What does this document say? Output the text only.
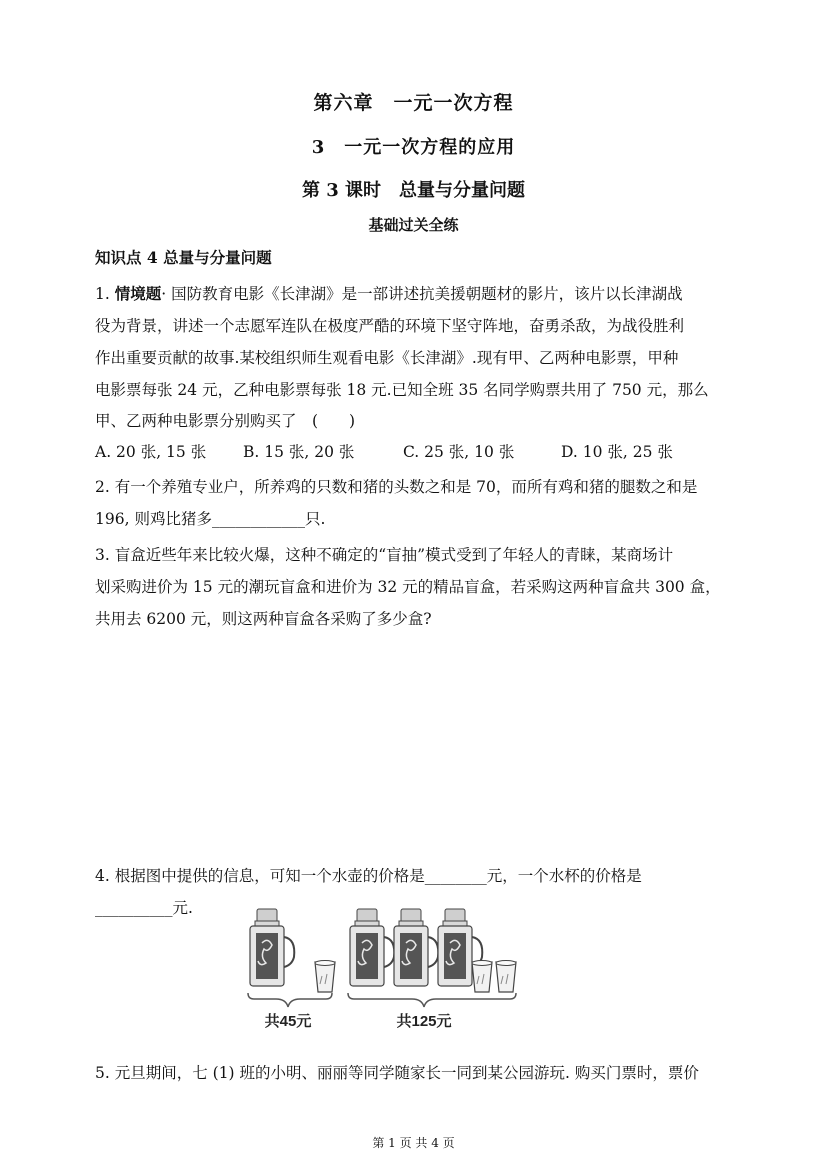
第六章　一元一次方程
3　一元一次方程的应用
第 3 课时　总量与分量问题
基础过关全练
知识点 4 总量与分量问题
1. 情境题· 国防教育电影《长津湖》是一部讲述抗美援朝题材的影片，该片以长津湖战
役为背景，讲述一个志愿军连队在极度严酷的环境下坚守阵地，奋勇杀敌，为战役胜利
作出重要贡献的故事.某校组织师生观看电影《长津湖》.现有甲、乙两种电影票，甲种
电影票每张 24 元，乙种电影票每张 18 元.已知全班 35 名同学购票共用了 750 元，那么
甲、乙两种电影票分别购买了　(　　)
A. 20 张, 15 张 B. 15 张, 20 张	C. 25 张, 10 张	D. 10 张, 25 张
2. 有一个养殖专业户，所养鸡的只数和猪的头数之和是 70，而所有鸡和猪的腿数之和是
196, 则鸡比猪多____________只.
3. 盲盒近些年来比较火爆，这种不确定的“盲抽”模式受到了年轻人的青睐，某商场计
划采购进价为 15 元的潮玩盲盒和进价为 32 元的精品盲盒，若采购这两种盲盒共 300 盒，
共用去 6200 元，则这两种盲盒各采购了多少盒?
4. 根据图中提供的信息，可知一个水壶的价格是________元，一个水杯的价格是
__________元.
共45元	共125元
5. 元旦期间，七 (1) 班的小明、丽丽等同学随家长一同到某公园游玩. 购买门票时，票价
第 1 页 共 4 页
